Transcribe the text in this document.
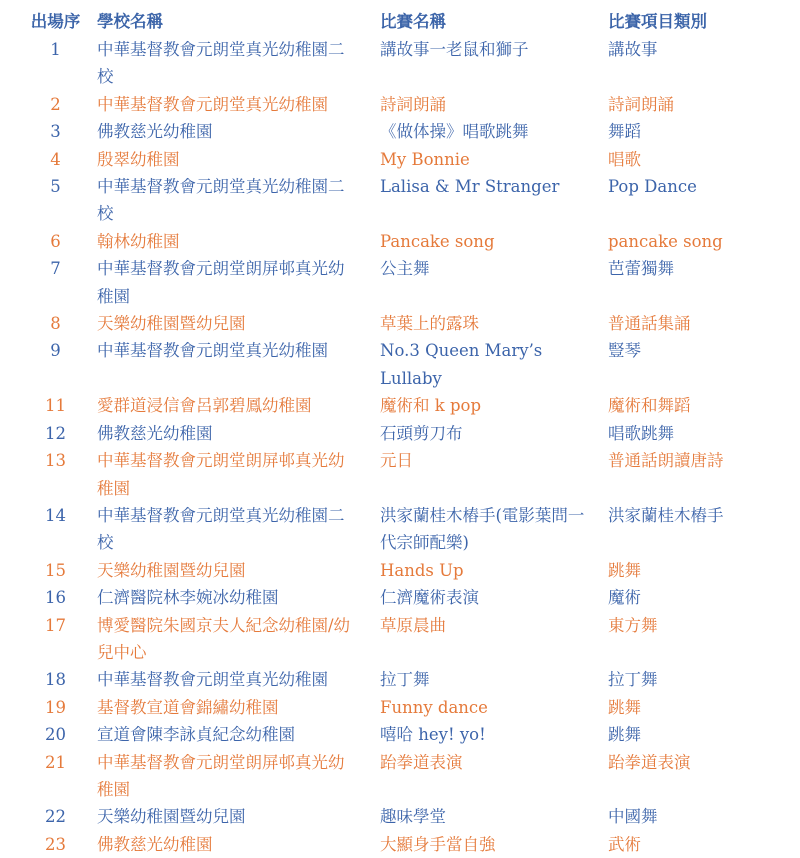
出場序	學校名稱	比賽名稱	比賽項目類別
1	中華基督教會元朗堂真光幼稚園二校	講故事一老鼠和獅子	講故事
2	中華基督教會元朗堂真光幼稚園	詩詞朗誦	詩詞朗誦
3	佛教慈光幼稚園	《做体操》唱歌跳舞	舞蹈
4	殷翠幼稚園	My Bonnie	唱歌
5	中華基督教會元朗堂真光幼稚園二校	Lalisa & Mr Stranger	Pop Dance
6	翰林幼稚園	Pancake song	pancake song
7	中華基督教會元朗堂朗屏邨真光幼稚園	公主舞	芭蕾獨舞
8	天樂幼稚園暨幼兒園	草葉上的露珠	普通話集誦
9	中華基督教會元朗堂真光幼稚園	No.3 Queen Mary’s Lullaby	豎琴
11	愛群道浸信會呂郭碧鳳幼稚園	魔術和 k pop	魔術和舞蹈
12	佛教慈光幼稚園	石頭剪刀布	唱歌跳舞
13	中華基督教會元朗堂朗屏邨真光幼稚園	元日	普通話朗讀唐詩
14	中華基督教會元朗堂真光幼稚園二校	洪家蘭桂木樁手(電影葉問一代宗師配樂)	洪家蘭桂木樁手
15	天樂幼稚園暨幼兒園	Hands Up	跳舞
16	仁濟醫院林李婉冰幼稚園	仁濟魔術表演	魔術
17	博愛醫院朱國京夫人紀念幼稚園/幼兒中心	草原晨曲	東方舞
18	中華基督教會元朗堂真光幼稚園	拉丁舞	拉丁舞
19	基督教宣道會錦繡幼稚園	Funny dance	跳舞
20	宣道會陳李詠貞紀念幼稚園	嘻哈 hey! yo!	跳舞
21	中華基督教會元朗堂朗屏邨真光幼稚園	跆拳道表演	跆拳道表演
22	天樂幼稚園暨幼兒園	趣味學堂	中國舞
23	佛教慈光幼稚園	大顯身手當自強	武術
